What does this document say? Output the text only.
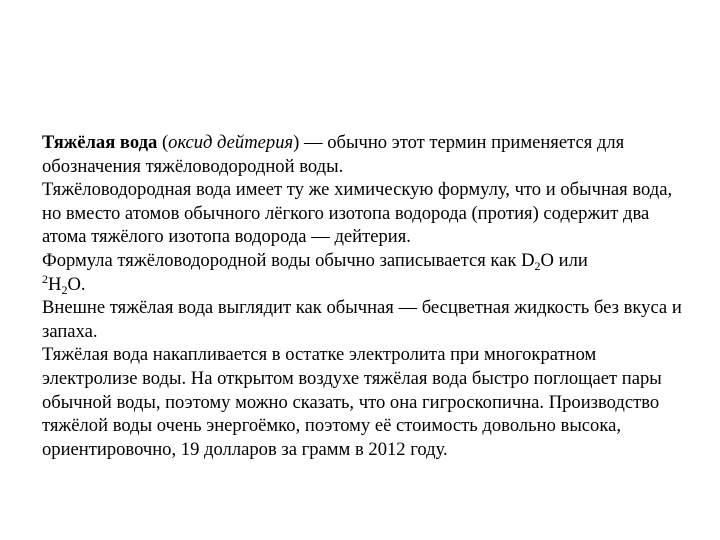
Тяжёлая вода (оксид дейтерия) — обычно этот термин применяется для обозначения тяжёловодородной воды.

Тяжёловодородная вода имеет ту же химическую формулу, что и обычная вода, но вместо атомов обычного лёгкого изотопа водорода (протия) содержит два атома тяжёлого изотопа водорода — дейтерия.

Формула тяжёловодородной воды обычно записывается как $D_2O$ или
$^2H_2O$.

Внешне тяжёлая вода выглядит как обычная — бесцветная жидкость без вкуса и запаха.

Тяжёлая вода накапливается в остатке электролита при многократном электролизе воды. На открытом воздухе тяжёлая вода быстро поглощает пары обычной воды, поэтому можно сказать, что она гигроскопична. Производство тяжёлой воды очень энергоёмко, поэтому её стоимость довольно высока, ориентировочно, 19 долларов за грамм в 2012 году.
